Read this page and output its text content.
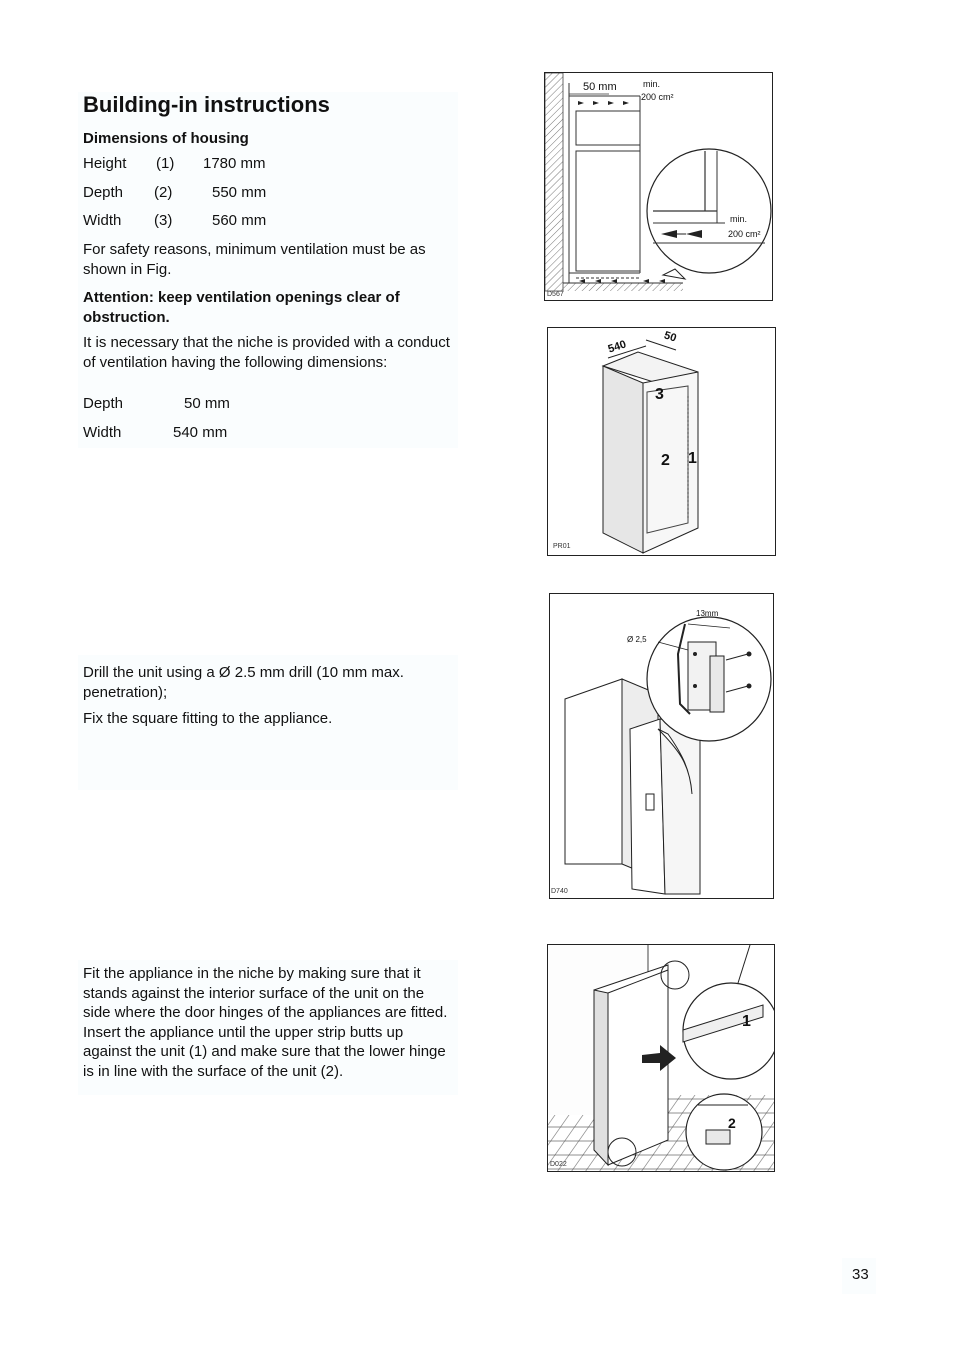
Building-in instructions
Dimensions of housing
Height (1) 1780 mm
Depth (2)	550 mm
Width (3)	560 mm

For safety reasons, minimum ventilation must be as shown in Fig.

Attention: keep ventilation openings clear of obstruction.

It is necessary that the niche is provided with a conduct of ventilation having the following dimensions:

Depth	50 mm
Width	540 mm

Drill the unit using a Ø 2.5 mm drill (10 mm max. penetration);

Fix the square fitting to the appliance.

Fit the appliance in the niche by making sure that it stands against the interior surface of the unit on the side where the door hinges of the appliances are fitted. Insert the appliance until the upper strip butts up against the unit (1) and make sure that the lower hinge is in line with the surface of the unit (2).

50 mm	min.
200 cm²
min.
200 cm²
D567
540
50
3
2 1
PR01
Ø 2,5
13mm
D740
1
2
D022
33
